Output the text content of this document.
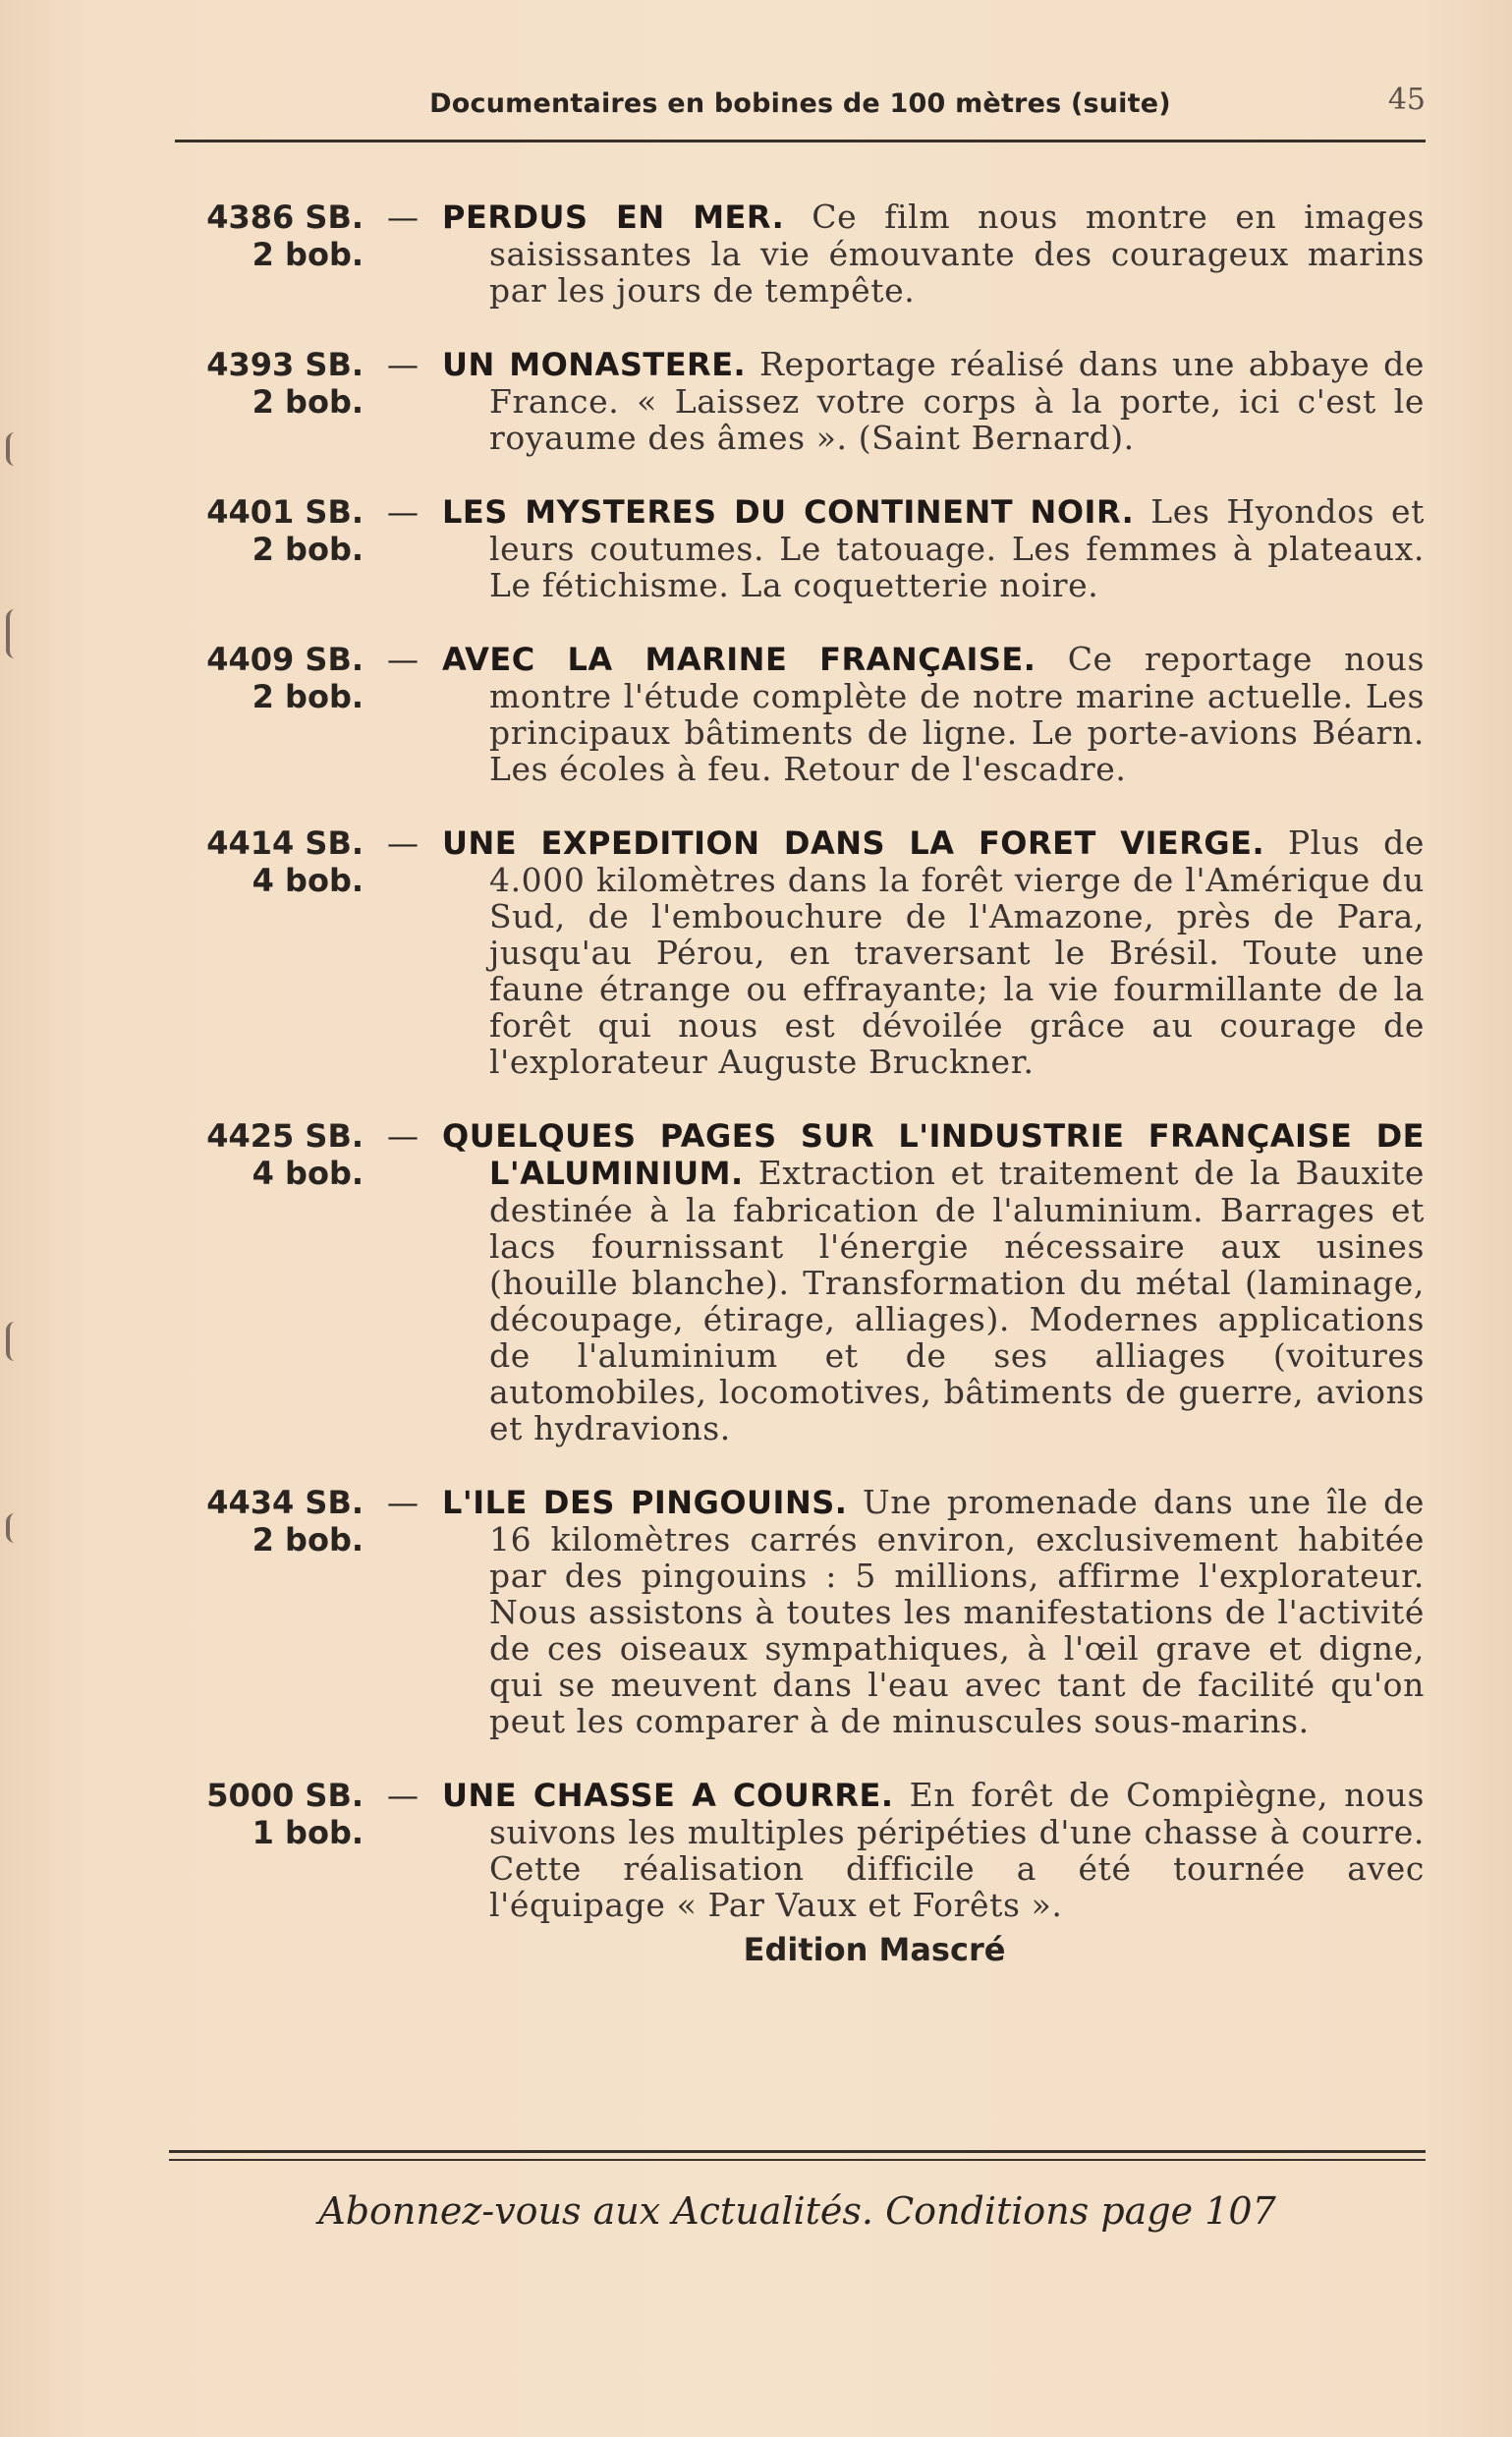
Documentaires en bobines de 100 mètres (suite)	45
4386 SB.
2 bob.
— PERDUS EN MER. Ce film nous montre en images saisissantes la vie émouvante des courageux marins par les jours de tempête.
4393 SB.
2 bob.
— UN MONASTERE. Reportage réalisé dans une abbaye de France. « Laissez votre corps à la porte, ici c'est le royaume des âmes ». (Saint Bernard).
4401 SB.
2 bob.
— LES MYSTERES DU CONTINENT NOIR. Les Hyondos et leurs coutumes. Le tatouage. Les femmes à plateaux. Le fétichisme. La coquetterie noire.
4409 SB.
2 bob.
— AVEC LA MARINE FRANÇAISE. Ce reportage nous montre l'étude complète de notre marine actuelle. Les principaux bâtiments de ligne. Le porte-avions Béarn. Les écoles à feu. Retour de l'escadre.
4414 SB.
4 bob.
— UNE EXPEDITION DANS LA FORET VIERGE. Plus de 4.000 kilomètres dans la forêt vierge de l'Amérique du Sud, de l'embouchure de l'Amazone, près de Para, jusqu'au Pérou, en traversant le Brésil. Toute une faune étrange ou effrayante; la vie fourmillante de la forêt qui nous est dévoilée grâce au courage de l'explorateur Auguste Bruckner.
4425 SB.
4 bob.
— QUELQUES PAGES SUR L'INDUSTRIE FRANÇAISE DE L'ALUMINIUM. Extraction et traitement de la Bauxite destinée à la fabrication de l'aluminium. Barrages et lacs fournissant l'énergie nécessaire aux usines (houille blanche). Transformation du métal (laminage, découpage, étirage, alliages). Modernes applications de l'aluminium et de ses alliages (voitures automobiles, locomotives, bâtiments de guerre, avions et hydravions.
4434 SB.
2 bob.
— L'ILE DES PINGOUINS. Une promenade dans une île de 16 kilomètres carrés environ, exclusivement habitée par des pingouins : 5 millions, affirme l'explorateur. Nous assistons à toutes les manifestations de l'activité de ces oiseaux sympathiques, à l'œil grave et digne, qui se meuvent dans l'eau avec tant de facilité qu'on peut les comparer à de minuscules sous-marins.
5000 SB.
1 bob.
— UNE CHASSE A COURRE. En forêt de Compiègne, nous suivons les multiples péripéties d'une chasse à courre. Cette réalisation difficile a été tournée avec l'équipage « Par Vaux et Forêts ».
Edition Mascré
Abonnez-vous aux Actualités. Conditions page 107
